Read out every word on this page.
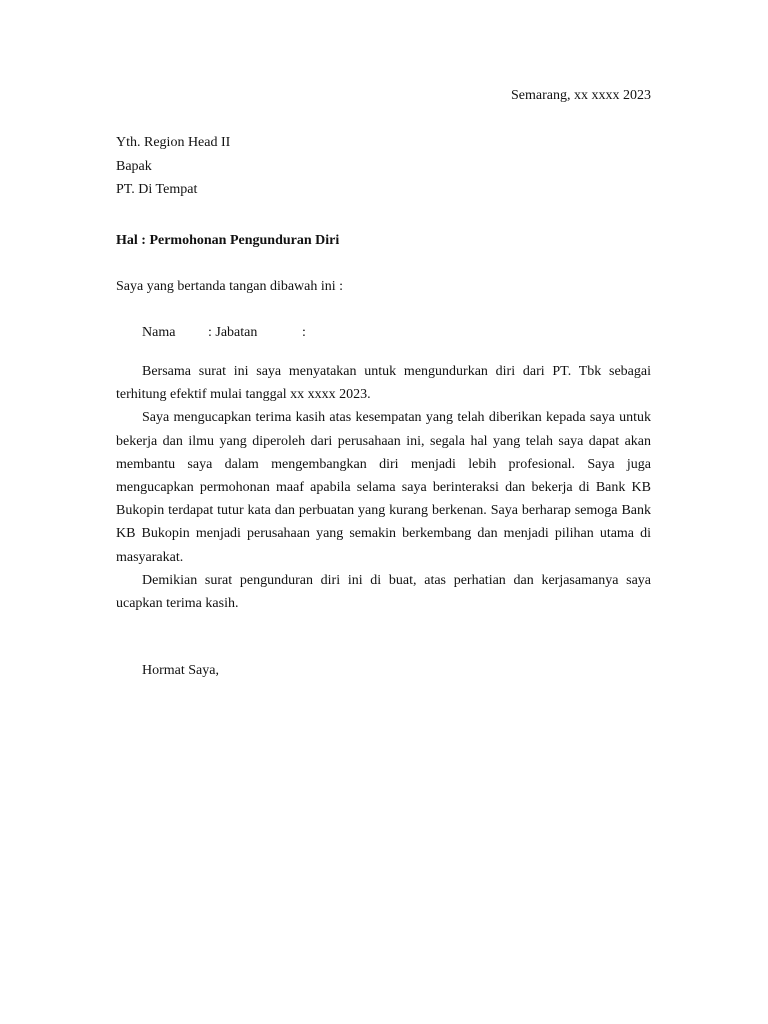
Semarang, xx xxxx 2023
Yth. Region Head II
Bapak
PT. Di Tempat
Hal : Permohonan Pengunduran Diri
Saya yang bertanda tangan dibawah ini :
Nama : Jabatan	:

Bersama surat ini saya menyatakan untuk mengundurkan diri dari PT. Tbk sebagai terhitung efektif mulai tanggal xx xxxx 2023.

Saya mengucapkan terima kasih atas kesempatan yang telah diberikan kepada saya untuk bekerja dan ilmu yang diperoleh dari perusahaan ini, segala hal yang telah saya dapat akan membantu saya dalam mengembangkan diri menjadi lebih profesional. Saya juga mengucapkan permohonan maaf apabila selama saya berinteraksi dan bekerja di Bank KB Bukopin terdapat tutur kata dan perbuatan yang kurang berkenan. Saya berharap semoga Bank KB Bukopin menjadi perusahaan yang semakin berkembang dan menjadi pilihan utama di masyarakat.

Demikian surat pengunduran diri ini di buat, atas perhatian dan kerjasamanya saya ucapkan terima kasih.

Hormat Saya,
